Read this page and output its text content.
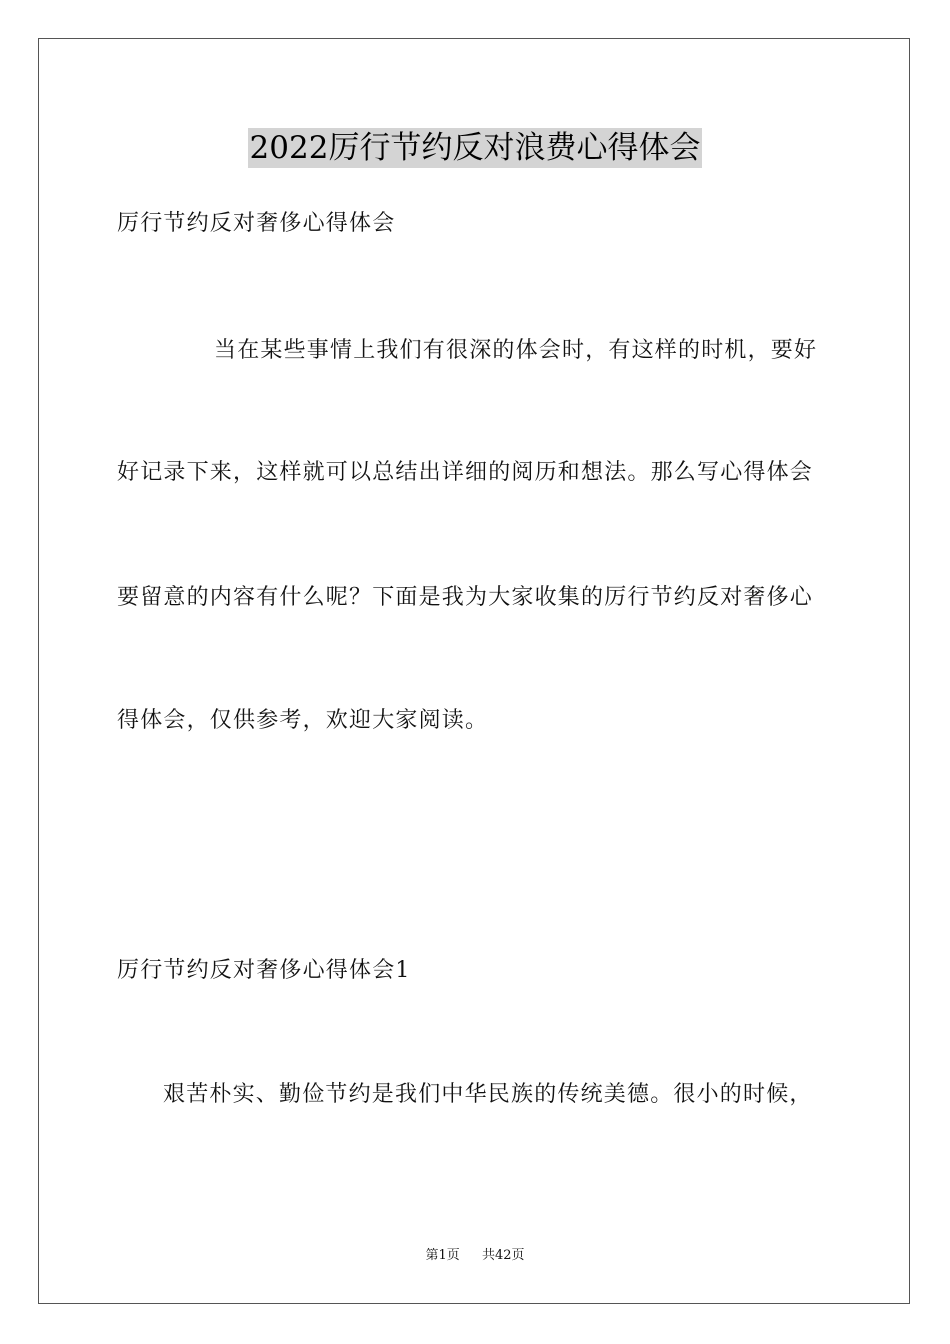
2022厉行节约反对浪费心得体会
厉行节约反对奢侈心得体会
当在某些事情上我们有很深的体会时，有这样的时机，要好
好记录下来，这样就可以总结出详细的阅历和想法。那么写心得体会
要留意的内容有什么呢？下面是我为大家收集的厉行节约反对奢侈心
得体会，仅供参考，欢迎大家阅读。
厉行节约反对奢侈心得体会1
艰苦朴实、勤俭节约是我们中华民族的传统美德。很小的时候，
第1页 共42页
